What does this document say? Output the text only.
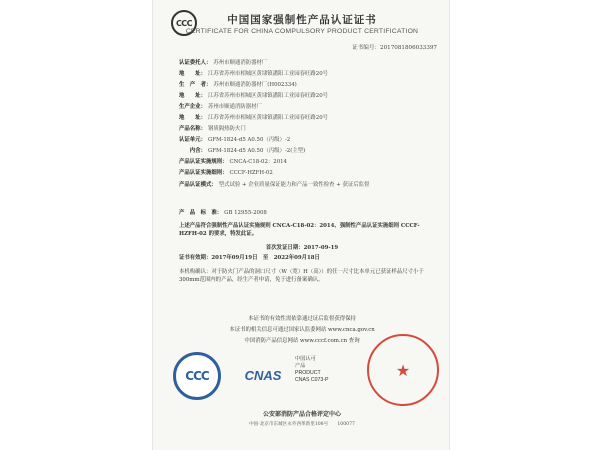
CCC	中国国家强制性产品认证证书
CERTIFICATE FOR CHINA COMPULSORY PRODUCT CERTIFICATION
证书编号：2017081806033397
认证委托人： 苏州市顺通消防器材厂
地　　址： 江苏省苏州市相城区黄埭镇潘阳工业园春旺路20号
生　产　者： 苏州市顺通消防器材厂(H002334)
地　　址： 江苏省苏州市相城区黄埭镇潘阳工业园春旺路20号
生产企业： 苏州市顺通消防器材厂
地　　址： 江苏省苏州市相城区黄埭镇潘阳工业园春旺路20号
产品名称： 钢质隔热防火门
认证单元： GFM-1824-d5 A0.50（丙级）-2
　　内含： GFM-1824-d5 A0.50（丙级）-2(主型)
产品认证实施规则： CNCA-C18-02：2014
产品认证实施细则： CCCF-HZFH-02
产品认证模式： 型式试验 + 企业质量保证能力和产品一致性检查 + 获证后监督
产　品　标　准： GB 12955-2008
上述产品符合强制性产品认证实施规则 CNCA-C18-02：2014、强制性产品认证实施细则 CCCF-HZFH-02 的要求，特发此证。
首次发证日期：2017-09-19
证书有效期：2017年09月19日　至　2022年09月18日
本机构确认：对于防火门产品的洞口尺寸（W（宽）H（高））的任一尺寸比本单元已获证样品尺寸小于300mm范围内的产品，经生产者申请，免于进行备案确认。
本证书的有效性需依靠通过证后监督获得保持
本证书的相关信息可通过国家认监委网站 www.cnca.gov.cn
中国消防产品信息网站 www.cccf.com.cn 查询
CCC	CNAS
中国认可
产品
PRODUCT
CNAS C073-P
★
公安部消防产品合格评定中心
中国·北京市东城区永外西革新里108号　　100077
